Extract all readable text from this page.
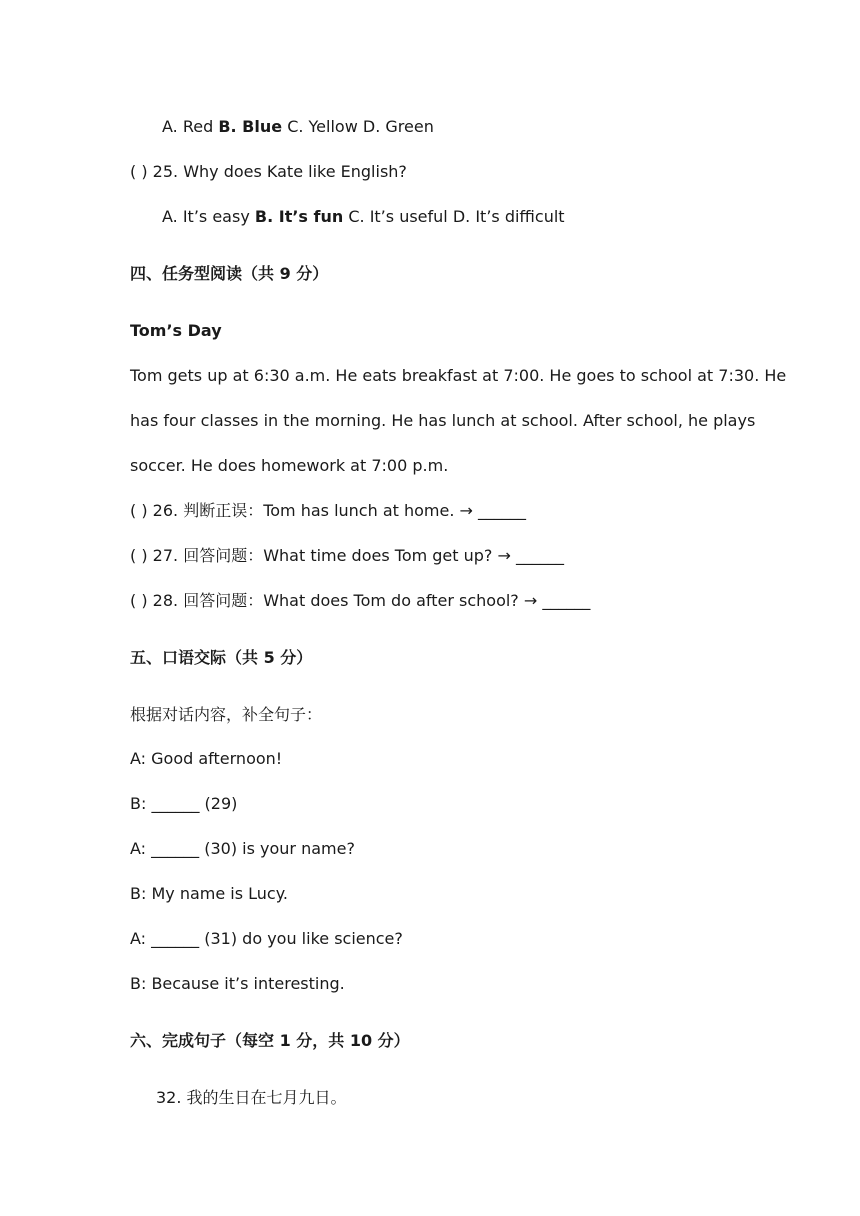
A. Red B. Blue C. Yellow D. Green
( ) 25. Why does Kate like English?
A. It’s easy B. It’s fun C. It’s useful D. It’s difficult
四、任务型阅读（共 9 分）
Tom’s Day
Tom gets up at 6:30 a.m. He eats breakfast at 7:00. He goes to school at 7:30. He
has four classes in the morning. He has lunch at school. After school, he plays
soccer. He does homework at 7:00 p.m.
( ) 26. 判断正误：Tom has lunch at home. → ______
( ) 27. 回答问题：What time does Tom get up? → ______
( ) 28. 回答问题：What does Tom do after school? → ______
五、口语交际（共 5 分）
根据对话内容，补全句子：
A: Good afternoon!
B: ______ (29)
A: ______ (30) is your name?
B: My name is Lucy.
A: ______ (31) do you like science?
B: Because it’s interesting.
六、完成句子（每空 1 分，共 10 分）
32. 我的生日在七月九日。
